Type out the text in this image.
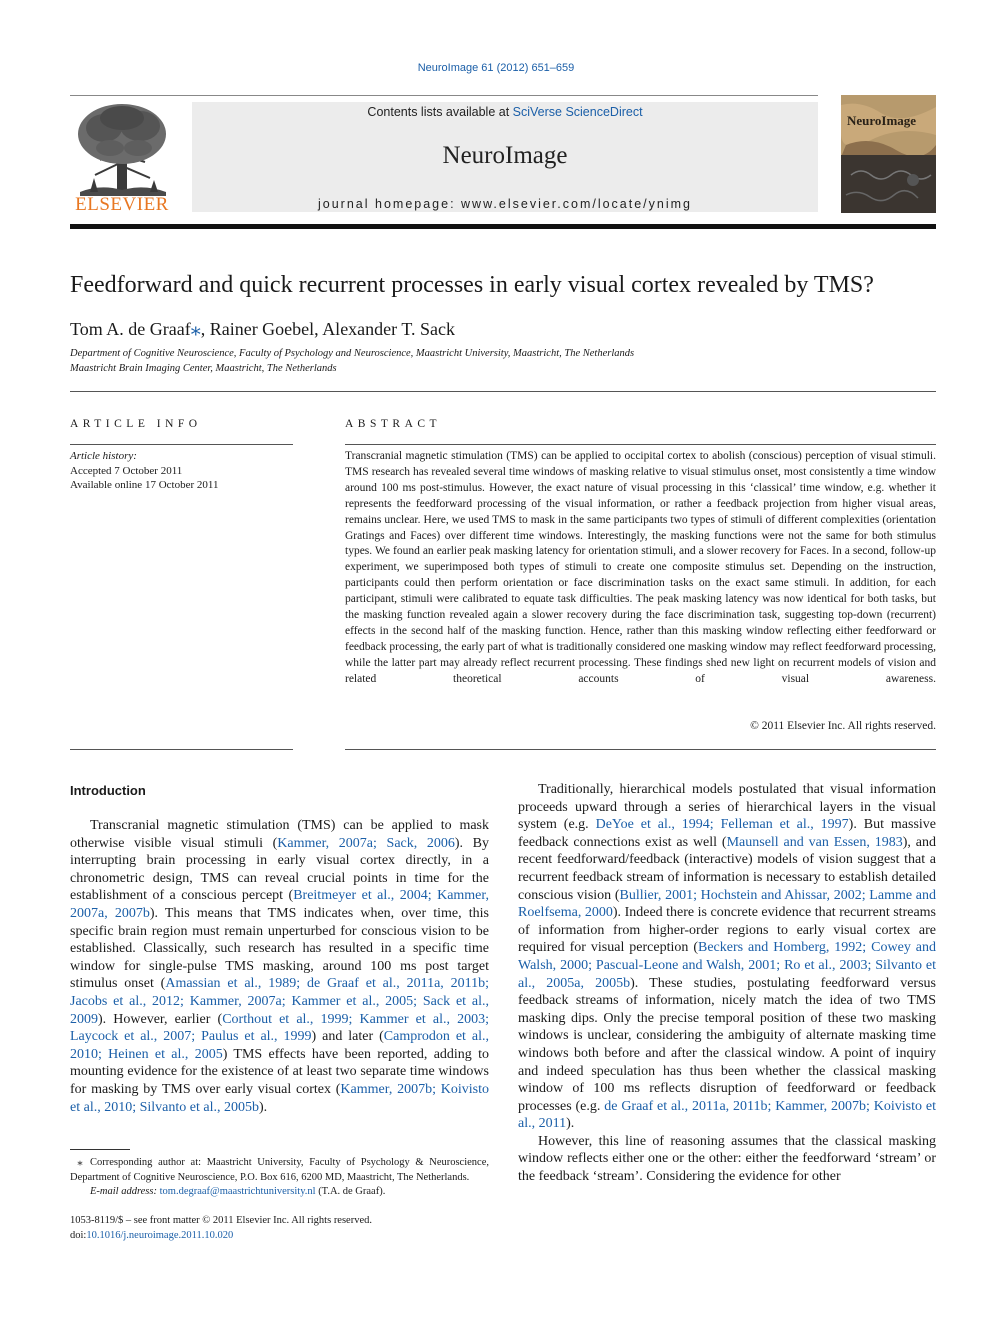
NeuroImage 61 (2012) 651–659
ELSEVIER
Contents lists available at SciVerse ScienceDirect
NeuroImage
journal homepage: www.elsevier.com/locate/ynimg
NeuroImage
Feedforward and quick recurrent processes in early visual cortex revealed by TMS?
Tom A. de Graaf⁎, Rainer Goebel, Alexander T. Sack
Department of Cognitive Neuroscience, Faculty of Psychology and Neuroscience, Maastricht University, Maastricht, The Netherlands
Maastricht Brain Imaging Center, Maastricht, The Netherlands
ARTICLE INFO
Article history:
Accepted 7 October 2011
Available online 17 October 2011
ABSTRACT
Transcranial magnetic stimulation (TMS) can be applied to occipital cortex to abolish (conscious) perception of visual stimuli. TMS research has revealed several time windows of masking relative to visual stimulus onset, most consistently a time window around 100 ms post-stimulus. However, the exact nature of visual processing in this ‘classical’ time window, e.g. whether it represents the feedforward processing of the visual information, or rather a feedback projection from higher visual areas, remains unclear. Here, we used TMS to mask in the same participants two types of stimuli of different complexities (orientation Gratings and Faces) over different time windows. Interestingly, the masking functions were not the same for both stimulus types. We found an earlier peak masking latency for orientation stimuli, and a slower recovery for Faces. In a second, follow-up experiment, we superimposed both types of stimuli to create one composite stimulus set. Depending on the instruction, participants could then perform orientation or face discrimination tasks on the exact same stimuli. In addition, for each participant, stimuli were calibrated to equate task difficulties. The peak masking latency was now identical for both tasks, but the masking function revealed again a slower recovery during the face discrimination task, suggesting top-down (recurrent) effects in the second half of the masking function. Hence, rather than this masking window reflecting either feedforward or feedback processing, the early part of what is traditionally considered one masking window may reflect feedforward processing, while the latter part may already reflect recurrent processing. These findings shed new light on recurrent models of vision and related theoretical accounts of visual awareness.
© 2011 Elsevier Inc. All rights reserved.
Introduction

Transcranial magnetic stimulation (TMS) can be applied to mask otherwise visible visual stimuli (Kammer, 2007a; Sack, 2006). By interrupting brain processing in early visual cortex directly, in a chronometric design, TMS can reveal crucial points in time for the establishment of a conscious percept (Breitmeyer et al., 2004; Kammer, 2007a, 2007b). This means that TMS indicates when, over time, this specific brain region must remain unperturbed for conscious vision to be established. Classically, such research has resulted in a specific time window for single-pulse TMS masking, around 100 ms post target stimulus onset (Amassian et al., 1989; de Graaf et al., 2011a, 2011b; Jacobs et al., 2012; Kammer, 2007a; Kammer et al., 2005; Sack et al., 2009). However, earlier (Corthout et al., 1999; Kammer et al., 2003; Laycock et al., 2007; Paulus et al., 1999) and later (Camprodon et al., 2010; Heinen et al., 2005) TMS effects have been reported, adding to mounting evidence for the existence of at least two separate time windows for masking by TMS over early visual cortex (Kammer, 2007b; Koivisto et al., 2010; Silvanto et al., 2005b).

Traditionally, hierarchical models postulated that visual information proceeds upward through a series of hierarchical layers in the visual system (e.g. DeYoe et al., 1994; Felleman et al., 1997). But massive feedback connections exist as well (Maunsell and van Essen, 1983), and recent feedforward/feedback (interactive) models of vision suggest that a recurrent feedback stream of information is necessary to establish detailed conscious vision (Bullier, 2001; Hochstein and Ahissar, 2002; Lamme and Roelfsema, 2000). Indeed there is concrete evidence that recurrent streams of information from higher-order regions to early visual cortex are required for visual perception (Beckers and Homberg, 1992; Cowey and Walsh, 2000; Pascual-Leone and Walsh, 2001; Ro et al., 2003; Silvanto et al., 2005a, 2005b). These studies, postulating feedforward versus feedback streams of information, nicely match the idea of two TMS masking dips. Only the precise temporal position of these two masking windows is unclear, considering the ambiguity of alternate masking time windows both before and after the classical window. A point of inquiry and indeed speculation has thus been whether the classical masking window of 100 ms reflects disruption of feedforward or feedback processes (e.g. de Graaf et al., 2011a, 2011b; Kammer, 2007b; Koivisto et al., 2011).

However, this line of reasoning assumes that the classical masking window reflects either one or the other: either the feedforward ‘stream’ or the feedback ‘stream’. Considering the evidence for other

⁎ Corresponding author at: Maastricht University, Faculty of Psychology & Neuroscience, Department of Cognitive Neuroscience, P.O. Box 616, 6200 MD, Maastricht, The Netherlands.
E-mail address: tom.degraaf@maastrichtuniversity.nl (T.A. de Graaf).
1053-8119/$ – see front matter © 2011 Elsevier Inc. All rights reserved.
doi:10.1016/j.neuroimage.2011.10.020
